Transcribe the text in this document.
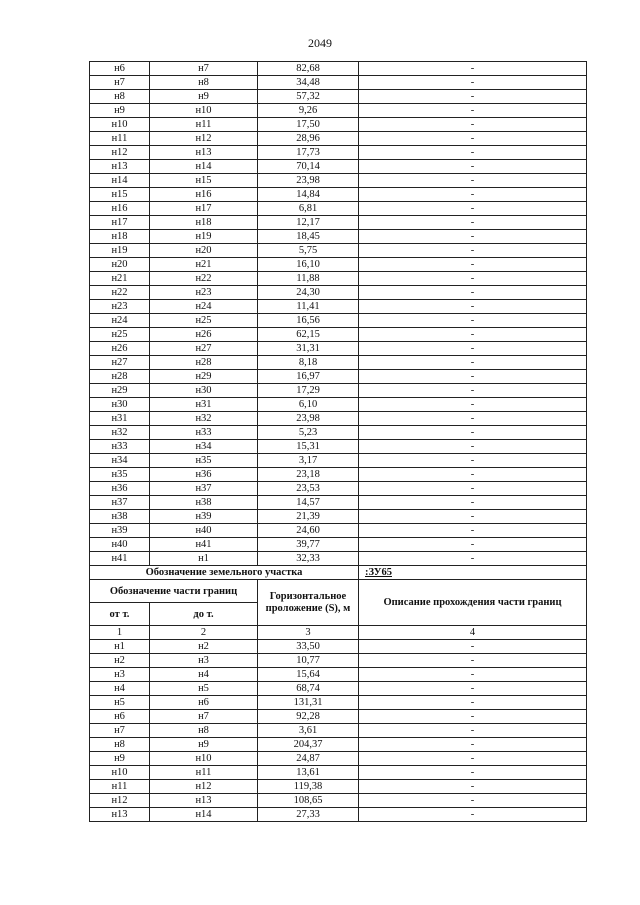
2049
н6	н7	82,68	-
н7	н8	34,48	-
н8	н9	57,32	-
н9	н10	9,26	-
н10	н11	17,50	-
н11	н12	28,96	-
н12	н13	17,73	-
н13	н14	70,14	-
н14	н15	23,98	-
н15	н16	14,84	-
н16	н17	6,81	-
н17	н18	12,17	-
н18	н19	18,45	-
н19	н20	5,75	-
н20	н21	16,10	-
н21	н22	11,88	-
н22	н23	24,30	-
н23	н24	11,41	-
н24	н25	16,56	-
н25	н26	62,15	-
н26	н27	31,31	-
н27	н28	8,18	-
н28	н29	16,97	-
н29	н30	17,29	-
н30	н31	6,10	-
н31	н32	23,98	-
н32	н33	5,23	-
н33	н34	15,31	-
н34	н35	3,17	-
н35	н36	23,18	-
н36	н37	23,53	-
н37	н38	14,57	-
н38	н39	21,39	-
н39	н40	24,60	-
н40	н41	39,77	-
н41	н1	32,33	-
Обозначение земельного участка			:ЗУ65
Обозначение части границ		Горизонтальное проложение (S), м	Описание прохождения части границ
от т.	до т.		
1	2	3	4
н1	н2	33,50	-
н2	н3	10,77	-
н3	н4	15,64	-
н4	н5	68,74	-
н5	н6	131,31	-
н6	н7	92,28	-
н7	н8	3,61	-
н8	н9	204,37	-
н9	н10	24,87	-
н10	н11	13,61	-
н11	н12	119,38	-
н12	н13	108,65	-
н13	н14	27,33	-
